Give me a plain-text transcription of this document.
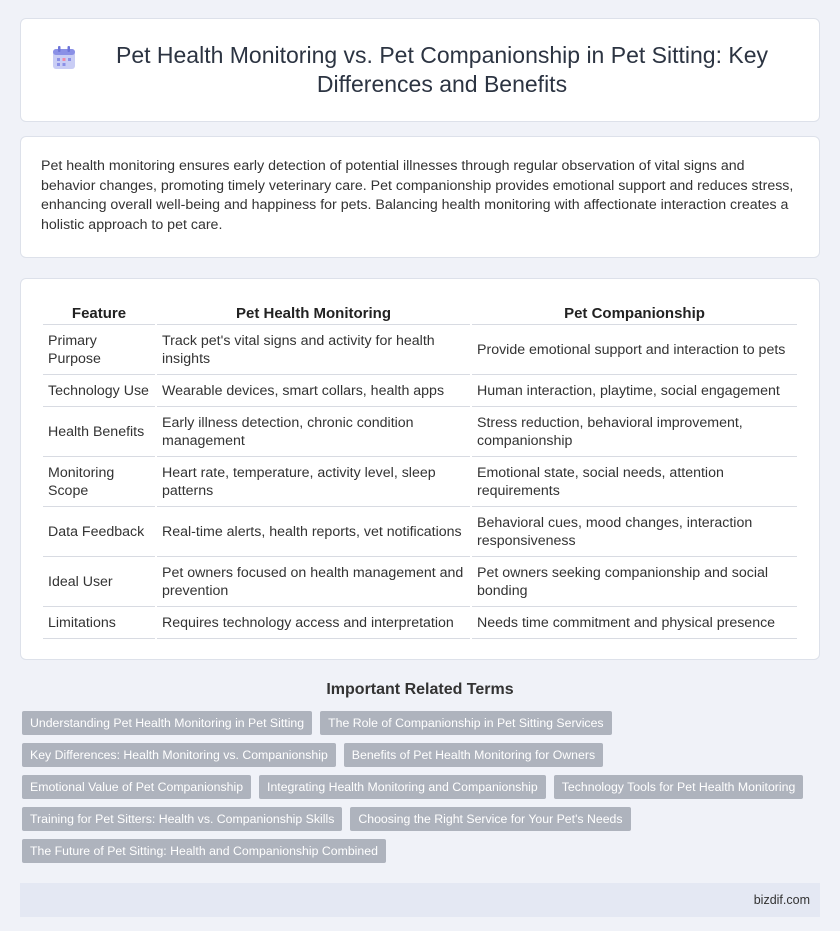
Pet Health Monitoring vs. Pet Companionship in Pet Sitting: Key Differences and Benefits

Pet health monitoring ensures early detection of potential illnesses through regular observation of vital signs and behavior changes, promoting timely veterinary care. Pet companionship provides emotional support and reduces stress, enhancing overall well-being and happiness for pets. Balancing health monitoring with affectionate interaction creates a holistic approach to pet care.

Feature	Pet Health Monitoring	Pet Companionship
Primary Purpose	Track pet's vital signs and activity for health insights	Provide emotional support and interaction to pets
Technology Use	Wearable devices, smart collars, health apps	Human interaction, playtime, social engagement
Health Benefits	Early illness detection, chronic condition management	Stress reduction, behavioral improvement, companionship
Monitoring Scope	Heart rate, temperature, activity level, sleep patterns	Emotional state, social needs, attention requirements
Data Feedback	Real-time alerts, health reports, vet notifications	Behavioral cues, mood changes, interaction responsiveness
Ideal User	Pet owners focused on health management and prevention	Pet owners seeking companionship and social bonding
Limitations	Requires technology access and interpretation	Needs time commitment and physical presence
Important Related Terms
Understanding Pet Health Monitoring in Pet Sitting	The Role of Companionship in Pet Sitting Services
Key Differences: Health Monitoring vs. Companionship	Benefits of Pet Health Monitoring for Owners
Emotional Value of Pet Companionship	Integrating Health Monitoring and Companionship	Technology Tools for Pet Health Monitoring
Training for Pet Sitters: Health vs. Companionship Skills	Choosing the Right Service for Your Pet's Needs
The Future of Pet Sitting: Health and Companionship Combined
bizdif.com
